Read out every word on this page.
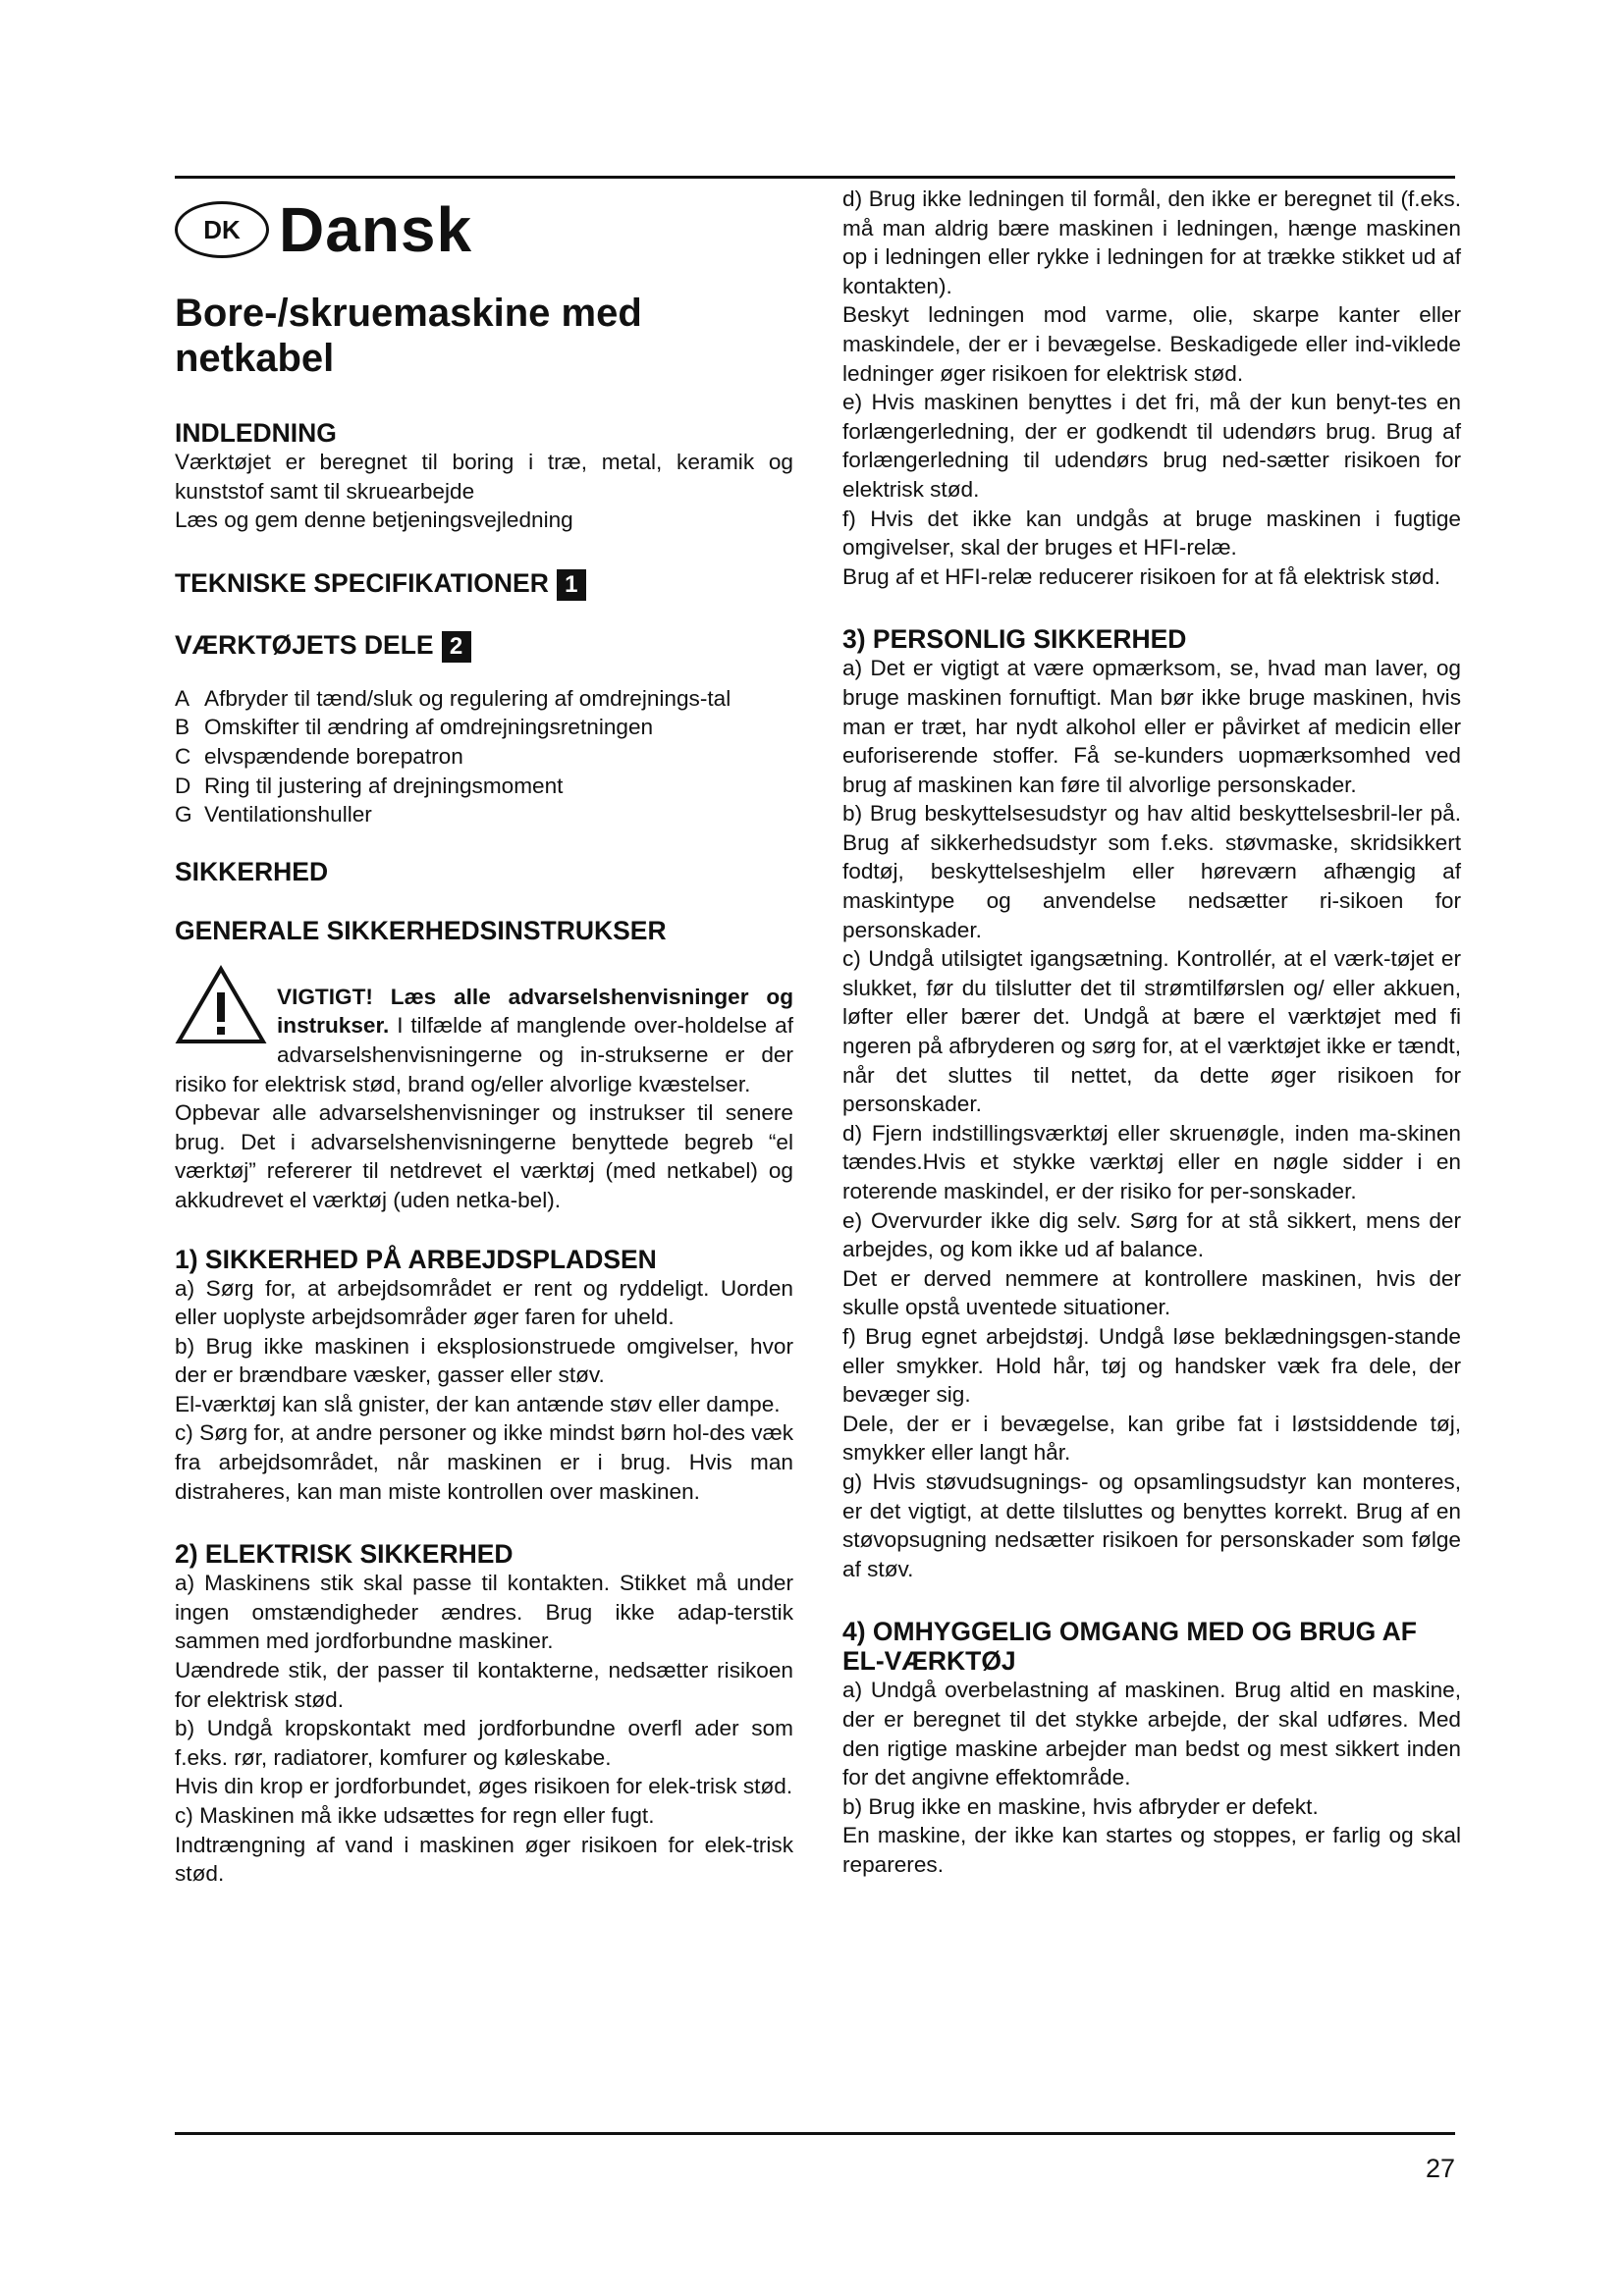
DK Dansk
Bore-/skruemaskine med netkabel
INDLEDNING

Værktøjet er beregnet til boring i træ, metal, keramik og kunststof samt til skruearbejde

Læs og gem denne betjeningsvejledning

TEKNISKE SPECIFIKATIONER 1
VÆRKTØJETS DELE 2
A Afbryder til tænd/sluk og regulering af omdrejnings-tal
B Omskifter til ændring af omdrejningsretningen
C elvspændende borepatron
D Ring til justering af drejningsmoment
G Ventilationshuller
SIKKERHED
GENERALE SIKKERHEDSINSTRUKSER

VIGTIGT! Læs alle advarselshenvisninger og instrukser. I tilfælde af manglende over-holdelse af advarselshenvisningerne og in-strukserne er der risiko for elektrisk stød, brand og/eller alvorlige kvæstelser.

Opbevar alle advarselshenvisninger og instrukser til senere brug. Det i advarselshenvisningerne benyttede begreb “el værktøj” refererer til netdrevet el værktøj (med netkabel) og akkudrevet el værktøj (uden netka-bel).

1) SIKKERHED PÅ ARBEJDSPLADSEN

a) Sørg for, at arbejdsområdet er rent og ryddeligt. Uorden eller uoplyste arbejdsområder øger faren for uheld.

b) Brug ikke maskinen i eksplosionstruede omgivelser, hvor der er brændbare væsker, gasser eller støv.

El-værktøj kan slå gnister, der kan antænde støv eller dampe.

c) Sørg for, at andre personer og ikke mindst børn hol-des væk fra arbejdsområdet, når maskinen er i brug. Hvis man distraheres, kan man miste kontrollen over maskinen.

2) ELEKTRISK SIKKERHED

a) Maskinens stik skal passe til kontakten. Stikket må under ingen omstændigheder ændres. Brug ikke adap-terstik sammen med jordforbundne maskiner.

Uændrede stik, der passer til kontakterne, nedsætter risikoen for elektrisk stød.

b) Undgå kropskontakt med jordforbundne overfl ader som f.eks. rør, radiatorer, komfurer og køleskabe.

Hvis din krop er jordforbundet, øges risikoen for elek-trisk stød.

c) Maskinen må ikke udsættes for regn eller fugt.

Indtrængning af vand i maskinen øger risikoen for elek-trisk stød.

d) Brug ikke ledningen til formål, den ikke er beregnet til (f.eks. må man aldrig bære maskinen i ledningen, hænge maskinen op i ledningen eller rykke i ledningen for at trække stikket ud af kontakten).

Beskyt ledningen mod varme, olie, skarpe kanter eller maskindele, der er i bevægelse. Beskadigede eller ind-viklede ledninger øger risikoen for elektrisk stød.

e) Hvis maskinen benyttes i det fri, må der kun benyt-tes en forlængerledning, der er godkendt til udendørs brug. Brug af forlængerledning til udendørs brug ned-sætter risikoen for elektrisk stød.

f) Hvis det ikke kan undgås at bruge maskinen i fugtige omgivelser, skal der bruges et HFI-relæ.

Brug af et HFI-relæ reducerer risikoen for at få elektrisk stød.

3) PERSONLIG SIKKERHED

a) Det er vigtigt at være opmærksom, se, hvad man laver, og bruge maskinen fornuftigt. Man bør ikke bruge maskinen, hvis man er træt, har nydt alkohol eller er påvirket af medicin eller euforiserende stoffer. Få se-kunders uopmærksomhed ved brug af maskinen kan føre til alvorlige personskader.

b) Brug beskyttelsesudstyr og hav altid beskyttelsesbril-ler på. Brug af sikkerhedsudstyr som f.eks. støvmaske, skridsikkert fodtøj, beskyttelseshjelm eller høreværn afhængig af maskintype og anvendelse nedsætter ri-sikoen for personskader.

c) Undgå utilsigtet igangsætning. Kontrollér, at el værk-tøjet er slukket, før du tilslutter det til strømtilførslen og/ eller akkuen, løfter eller bærer det. Undgå at bære el værktøjet med fi ngeren på afbryderen og sørg for, at el værktøjet ikke er tændt, når det sluttes til nettet, da dette øger risikoen for personskader.

d) Fjern indstillingsværktøj eller skruenøgle, inden ma-skinen tændes.Hvis et stykke værktøj eller en nøgle sidder i en roterende maskindel, er der risiko for per-sonskader.

e) Overvurder ikke dig selv. Sørg for at stå sikkert, mens der arbejdes, og kom ikke ud af balance.

Det er derved nemmere at kontrollere maskinen, hvis der skulle opstå uventede situationer.

f) Brug egnet arbejdstøj. Undgå løse beklædningsgen-stande eller smykker. Hold hår, tøj og handsker væk fra dele, der bevæger sig.

Dele, der er i bevægelse, kan gribe fat i løstsiddende tøj, smykker eller langt hår.

g) Hvis støvudsugnings- og opsamlingsudstyr kan monteres, er det vigtigt, at dette tilsluttes og benyttes korrekt. Brug af en støvopsugning nedsætter risikoen for personskader som følge af støv.

4) OMHYGGELIG OMGANG MED OG BRUG AF EL-VÆRKTØJ

a) Undgå overbelastning af maskinen. Brug altid en maskine, der er beregnet til det stykke arbejde, der skal udføres. Med den rigtige maskine arbejder man bedst og mest sikkert inden for det angivne effektområde.

b) Brug ikke en maskine, hvis afbryder er defekt.

En maskine, der ikke kan startes og stoppes, er farlig og skal repareres.

27
